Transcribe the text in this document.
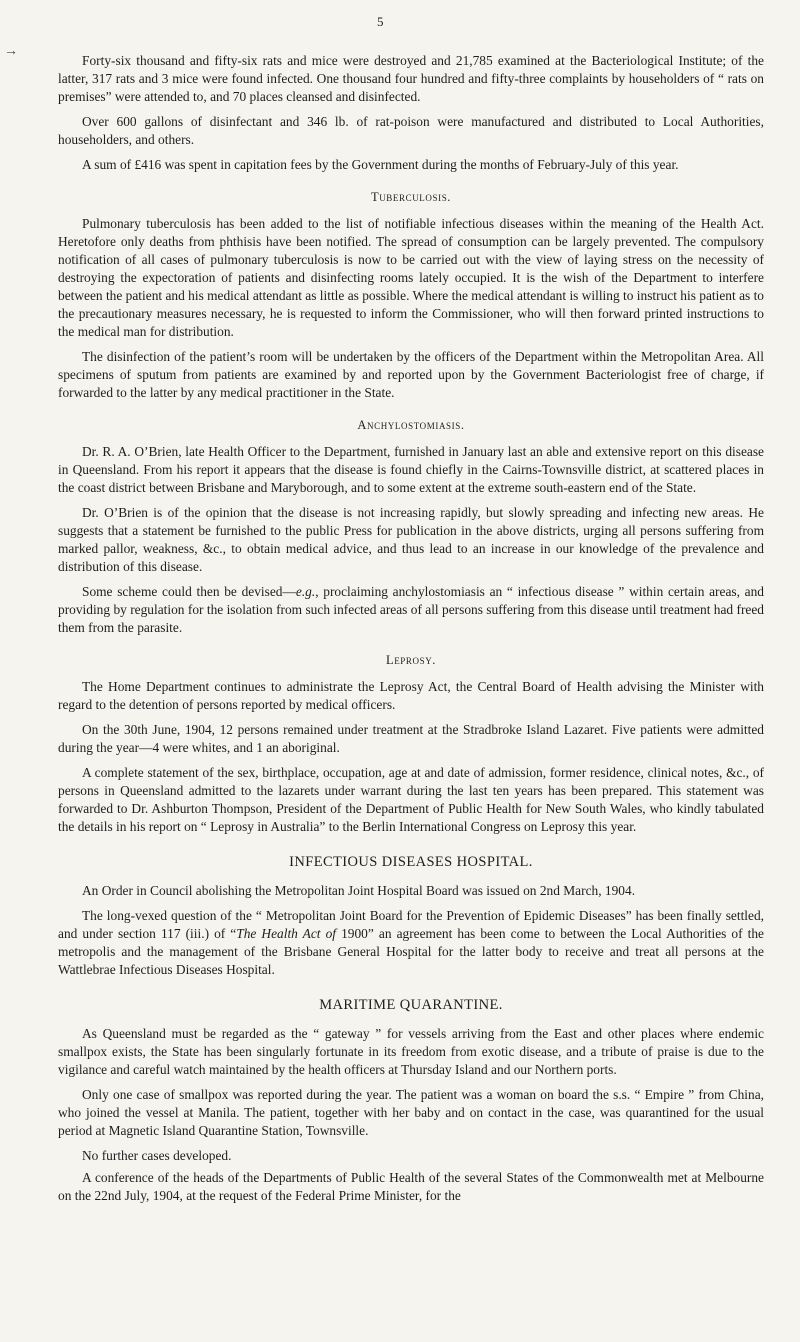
→
5

Forty-six thousand and fifty-six rats and mice were destroyed and 21,785 examined at the Bacteriological Institute; of the latter, 317 rats and 3 mice were found infected. One thousand four hundred and fifty-three complaints by householders of “ rats on premises” were attended to, and 70 places cleansed and disinfected.

Over 600 gallons of disinfectant and 346 lb. of rat-poison were manufactured and distributed to Local Authorities, householders, and others.

A sum of £416 was spent in capitation fees by the Government during the months of February-July of this year.

Tuberculosis.

Pulmonary tuberculosis has been added to the list of notifiable infectious diseases within the meaning of the Health Act. Heretofore only deaths from phthisis have been notified. The spread of consumption can be largely prevented. The compulsory notification of all cases of pulmonary tuberculosis is now to be carried out with the view of laying stress on the necessity of destroying the expectoration of patients and disinfecting rooms lately occupied. It is the wish of the Department to interfere between the patient and his medical attendant as little as possible. Where the medical attendant is willing to instruct his patient as to the precautionary measures necessary, he is requested to inform the Commissioner, who will then forward printed instructions to the medical man for distribution.

The disinfection of the patient’s room will be undertaken by the officers of the Department within the Metropolitan Area. All specimens of sputum from patients are examined by and reported upon by the Government Bacteriologist free of charge, if forwarded to the latter by any medical practitioner in the State.

Anchylostomiasis.

Dr. R. A. O’Brien, late Health Officer to the Department, furnished in January last an able and extensive report on this disease in Queensland. From his report it appears that the disease is found chiefly in the Cairns-Townsville district, at scattered places in the coast district between Brisbane and Maryborough, and to some extent at the extreme south-eastern end of the State.

Dr. O’Brien is of the opinion that the disease is not increasing rapidly, but slowly spreading and infecting new areas. He suggests that a statement be furnished to the public Press for publication in the above districts, urging all persons suffering from marked pallor, weakness, &c., to obtain medical advice, and thus lead to an increase in our knowledge of the prevalence and distribution of this disease.

Some scheme could then be devised—e.g., proclaiming anchylostomiasis an “ infectious disease ” within certain areas, and providing by regulation for the isolation from such infected areas of all persons suffering from this disease until treatment had freed them from the parasite.

Leprosy.

The Home Department continues to administrate the Leprosy Act, the Central Board of Health advising the Minister with regard to the detention of persons reported by medical officers.

On the 30th June, 1904, 12 persons remained under treatment at the Stradbroke Island Lazaret. Five patients were admitted during the year—4 were whites, and 1 an aboriginal.

A complete statement of the sex, birthplace, occupation, age at and date of admission, former residence, clinical notes, &c., of persons in Queensland admitted to the lazarets under warrant during the last ten years has been prepared. This statement was forwarded to Dr. Ashburton Thompson, President of the Department of Public Health for New South Wales, who kindly tabulated the details in his report on “ Leprosy in Australia” to the Berlin International Congress on Leprosy this year.

INFECTIOUS DISEASES HOSPITAL.

An Order in Council abolishing the Metropolitan Joint Hospital Board was issued on 2nd March, 1904.

The long-vexed question of the “ Metropolitan Joint Board for the Prevention of Epidemic Diseases” has been finally settled, and under section 117 (iii.) of “The Health Act of 1900” an agreement has been come to between the Local Authorities of the metropolis and the management of the Brisbane General Hospital for the latter body to receive and treat all persons at the Wattlebrae Infectious Diseases Hospital.

MARITIME QUARANTINE.

As Queensland must be regarded as the “ gateway ” for vessels arriving from the East and other places where endemic smallpox exists, the State has been singularly fortunate in its freedom from exotic disease, and a tribute of praise is due to the vigilance and careful watch maintained by the health officers at Thursday Island and our Northern ports.

Only one case of smallpox was reported during the year. The patient was a woman on board the s.s. “ Empire ” from China, who joined the vessel at Manila. The patient, together with her baby and on contact in the case, was quarantined for the usual period at Magnetic Island Quarantine Station, Townsville.

No further cases developed.

A conference of the heads of the Departments of Public Health of the several States of the Commonwealth met at Melbourne on the 22nd July, 1904, at the request of the Federal Prime Minister, for the
